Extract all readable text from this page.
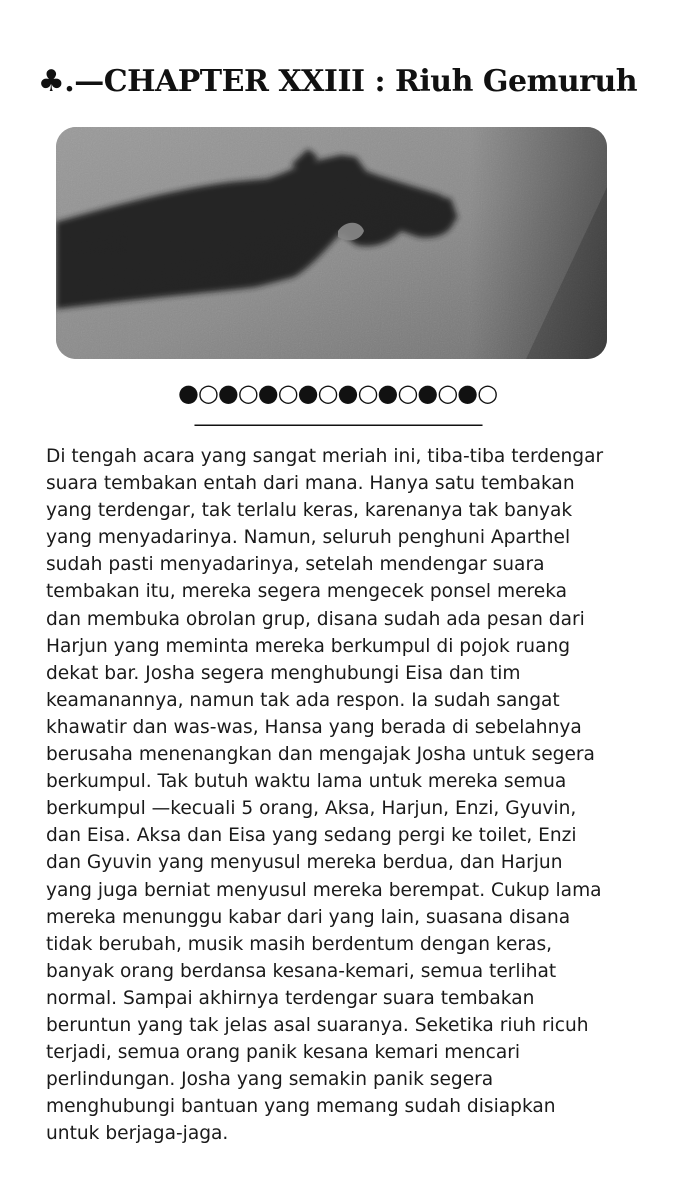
♣.—CHAPTER XXIII : Riuh Gemuruh
●○●○●○●○●○●○●○●○
————————————————
Di tengah acara yang sangat meriah ini, tiba-tiba terdengar
suara tembakan entah dari mana. Hanya satu tembakan
yang terdengar, tak terlalu keras, karenanya tak banyak
yang menyadarinya. Namun, seluruh penghuni Aparthel
sudah pasti menyadarinya, setelah mendengar suara
tembakan itu, mereka segera mengecek ponsel mereka
dan membuka obrolan grup, disana sudah ada pesan dari
Harjun yang meminta mereka berkumpul di pojok ruang
dekat bar. Josha segera menghubungi Eisa dan tim
keamanannya, namun tak ada respon. Ia sudah sangat
khawatir dan was-was, Hansa yang berada di sebelahnya
berusaha menenangkan dan mengajak Josha untuk segera
berkumpul. Tak butuh waktu lama untuk mereka semua
berkumpul —kecuali 5 orang, Aksa, Harjun, Enzi, Gyuvin,
dan Eisa. Aksa dan Eisa yang sedang pergi ke toilet, Enzi
dan Gyuvin yang menyusul mereka berdua, dan Harjun
yang juga berniat menyusul mereka berempat. Cukup lama
mereka menunggu kabar dari yang lain, suasana disana
tidak berubah, musik masih berdentum dengan keras,
banyak orang berdansa kesana-kemari, semua terlihat
normal. Sampai akhirnya terdengar suara tembakan
beruntun yang tak jelas asal suaranya. Seketika riuh ricuh
terjadi, semua orang panik kesana kemari mencari
perlindungan. Josha yang semakin panik segera
menghubungi bantuan yang memang sudah disiapkan
untuk berjaga-jaga.
